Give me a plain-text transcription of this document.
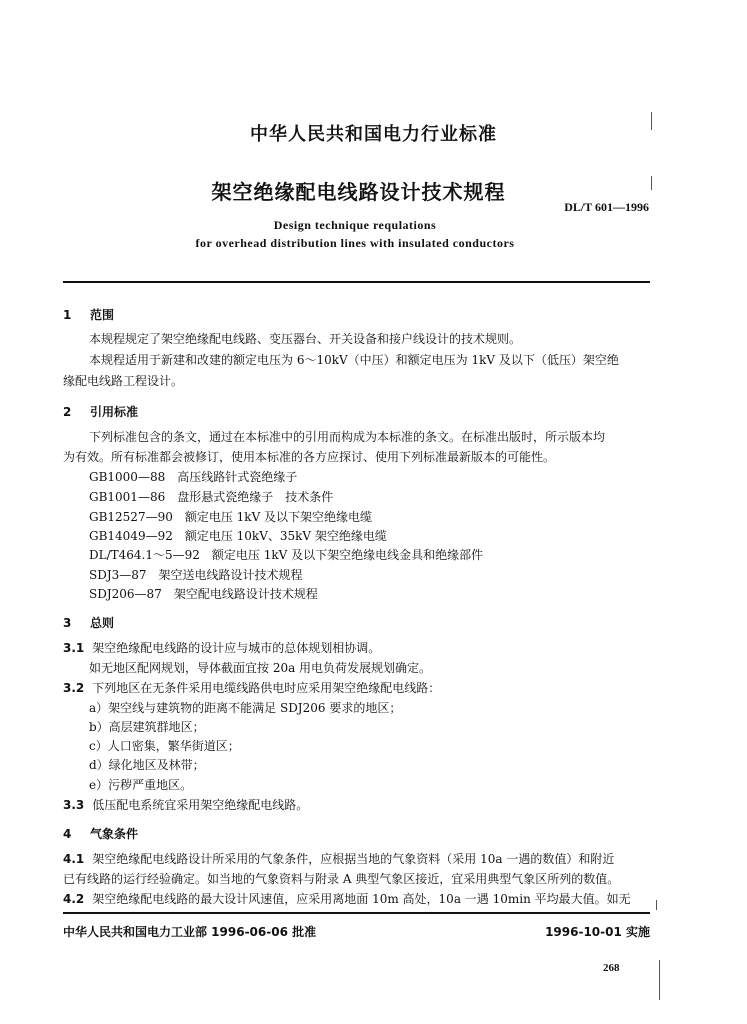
中华人民共和国电力行业标准
架空绝缘配电线路设计技术规程
DL/T 601—1996
Design technique requlations
for overhead distribution lines with insulated conductors
1 范围
本规程规定了架空绝缘配电线路、变压器台、开关设备和接户线设计的技术规则。
本规程适用于新建和改建的额定电压为 6～10kV（中压）和额定电压为 1kV 及以下（低压）架空绝
缘配电线路工程设计。
2 引用标准
下列标准包含的条文，通过在本标准中的引用而构成为本标准的条文。在标准出版时，所示版本均
为有效。所有标准都会被修订，使用本标准的各方应探讨、使用下列标准最新版本的可能性。
GB1000—88　高压线路针式瓷绝缘子
GB1001—86　盘形悬式瓷绝缘子　技术条件
GB12527—90　额定电压 1kV 及以下架空绝缘电缆
GB14049—92　额定电压 10kV、35kV 架空绝缘电缆
DL/T464.1～5—92　额定电压 1kV 及以下架空绝缘电线金具和绝缘部件
SDJ3—87　架空送电线路设计技术规程
SDJ206—87　架空配电线路设计技术规程
3 总则
3.1 架空绝缘配电线路的设计应与城市的总体规划相协调。
如无地区配网规划，导体截面宜按 20a 用电负荷发展规划确定。
3.2 下列地区在无条件采用电缆线路供电时应采用架空绝缘配电线路：
a）架空线与建筑物的距离不能满足 SDJ206 要求的地区；
b）高层建筑群地区；
c）人口密集，繁华街道区；
d）绿化地区及林带；
e）污秽严重地区。
3.3 低压配电系统宜采用架空绝缘配电线路。
4 气象条件
4.1 架空绝缘配电线路设计所采用的气象条件，应根据当地的气象资料（采用 10a 一遇的数值）和附近
已有线路的运行经验确定。如当地的气象资料与附录 A 典型气象区接近，宜采用典型气象区所列的数值。
4.2 架空绝缘配电线路的最大设计风速值，应采用离地面 10m 高处，10a 一遇 10min 平均最大值。如无
中华人民共和国电力工业部 1996-06-06 批准	1996-10-01 实施
268
